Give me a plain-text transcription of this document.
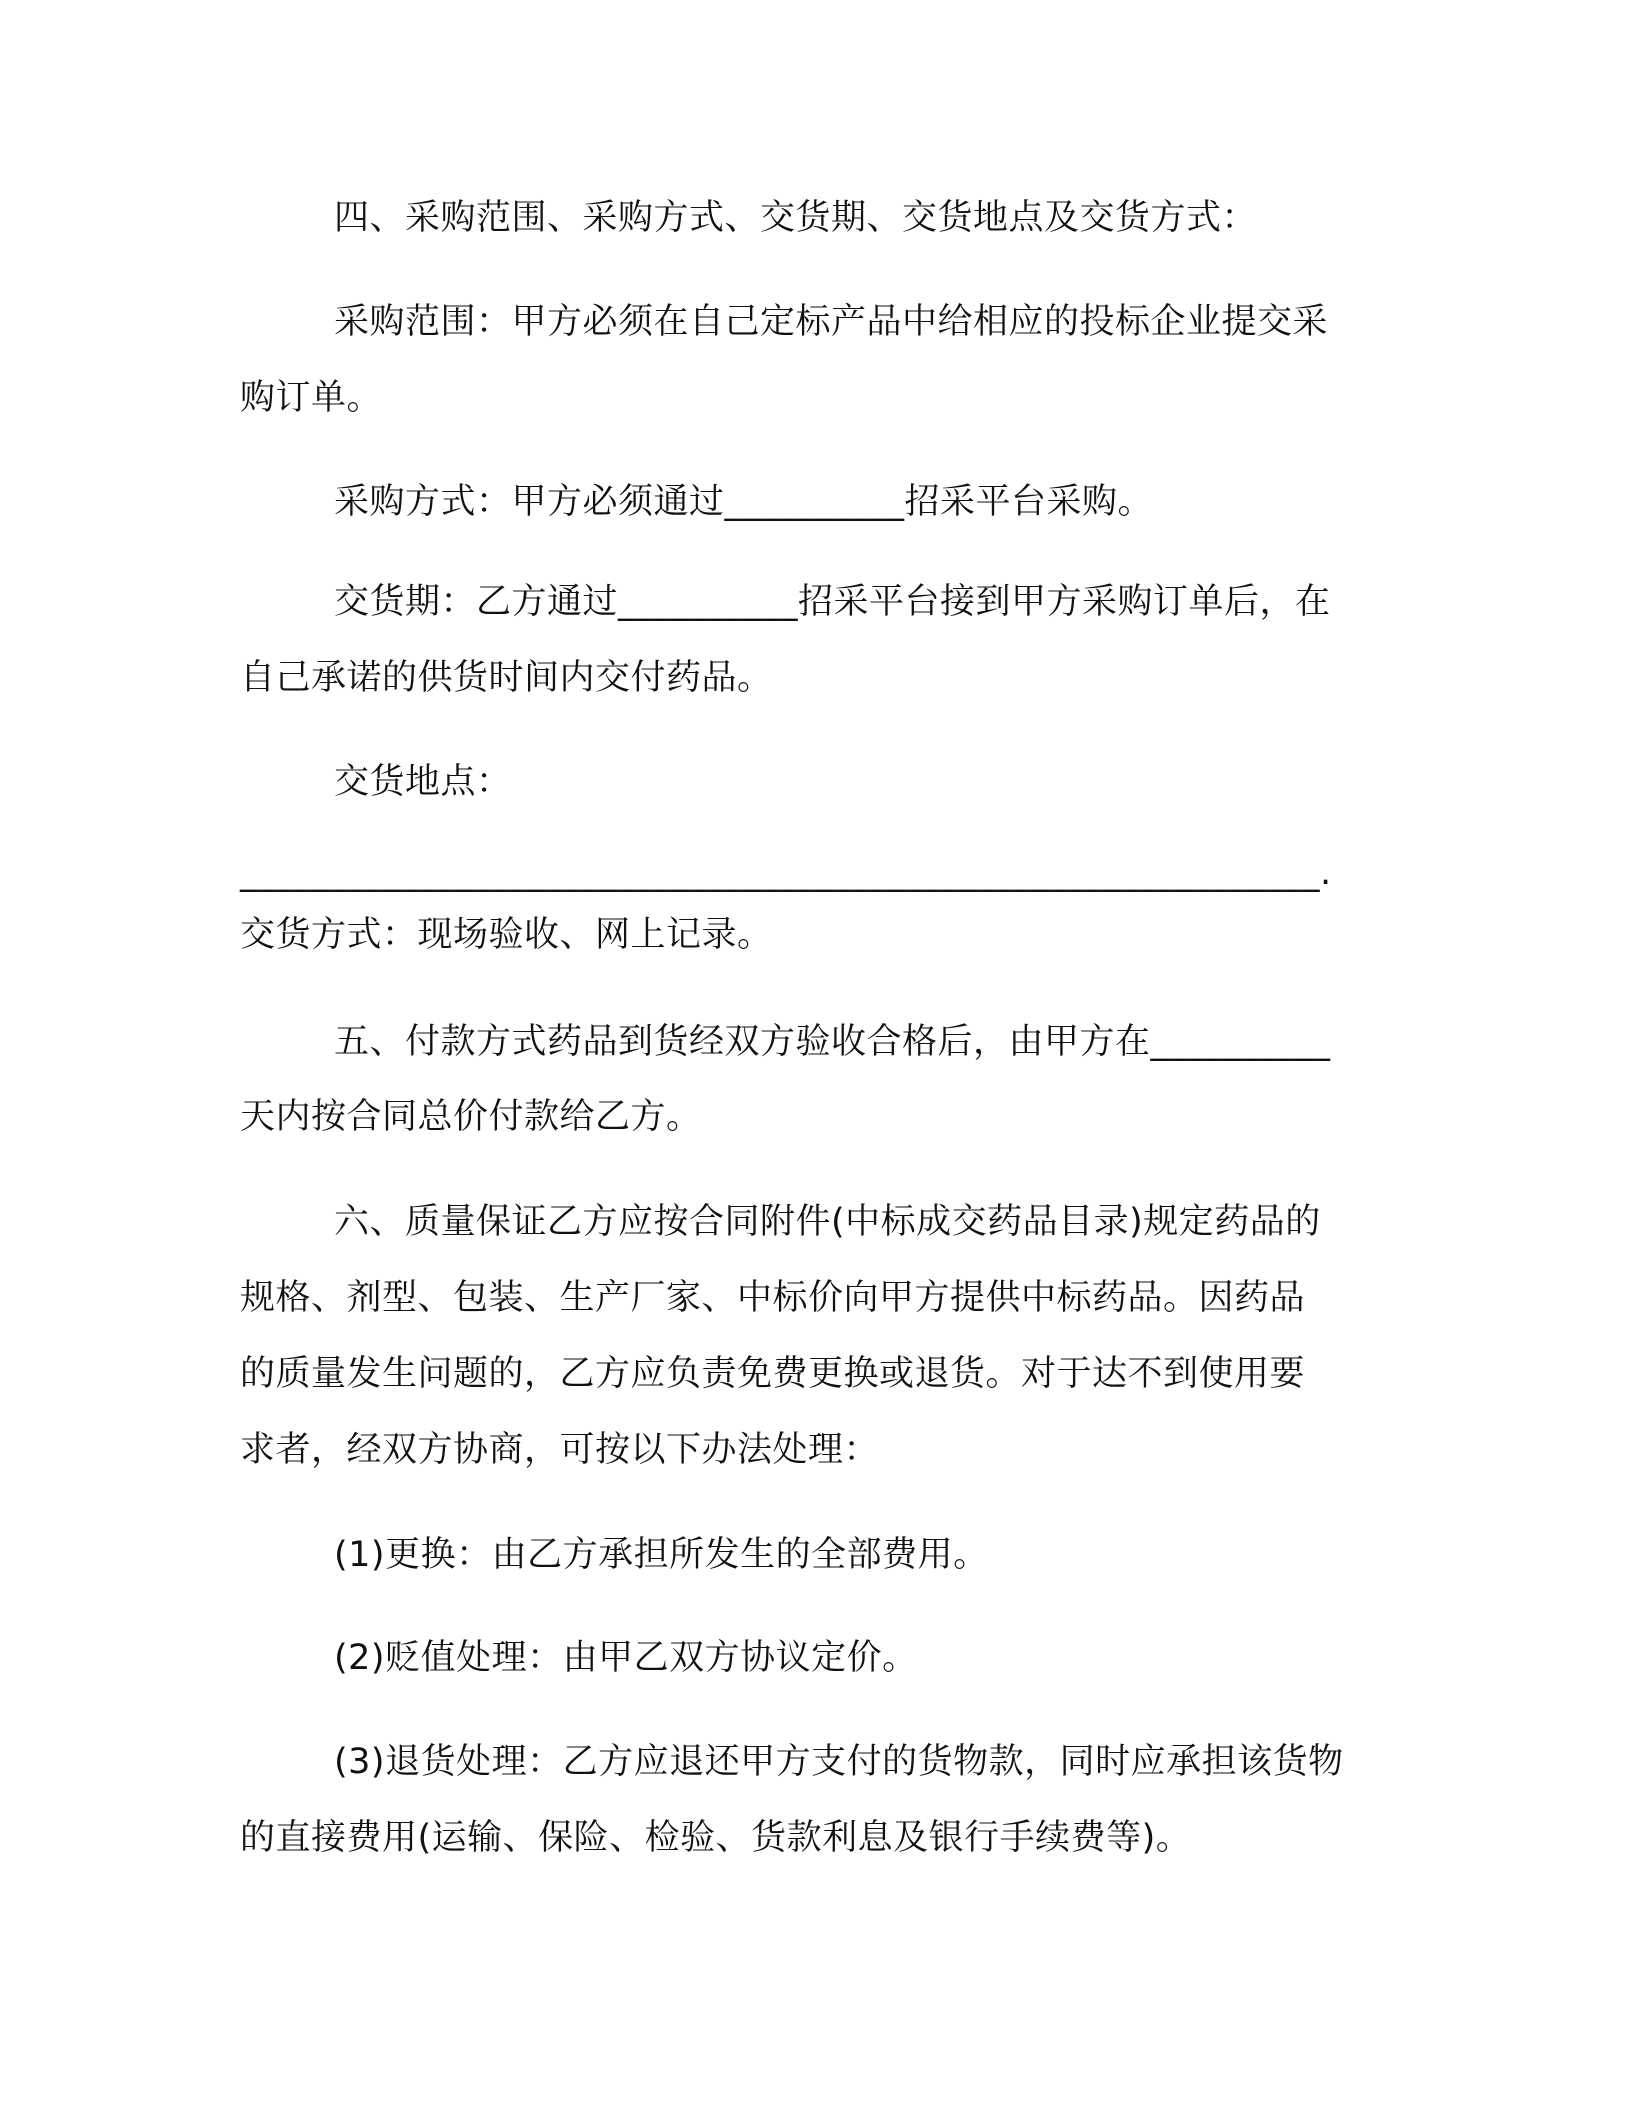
四、采购范围、采购方式、交货期、交货地点及交货方式：
采购范围：甲方必须在自己定标产品中给相应的投标企业提交采
购订单。
采购方式：甲方必须通过__________招采平台采购。
交货期：乙方通过__________招采平台接到甲方采购订单后，在
自己承诺的供货时间内交付药品。
交货地点：
____________________________________________________________.
交货方式：现场验收、网上记录。
五、付款方式药品到货经双方验收合格后，由甲方在__________
天内按合同总价付款给乙方。
六、质量保证乙方应按合同附件(中标成交药品目录)规定药品的
规格、剂型、包装、生产厂家、中标价向甲方提供中标药品。因药品
的质量发生问题的，乙方应负责免费更换或退货。对于达不到使用要
求者，经双方协商，可按以下办法处理：
(1)更换：由乙方承担所发生的全部费用。
(2)贬值处理：由甲乙双方协议定价。
(3)退货处理：乙方应退还甲方支付的货物款，同时应承担该货物
的直接费用(运输、保险、检验、货款利息及银行手续费等)。
